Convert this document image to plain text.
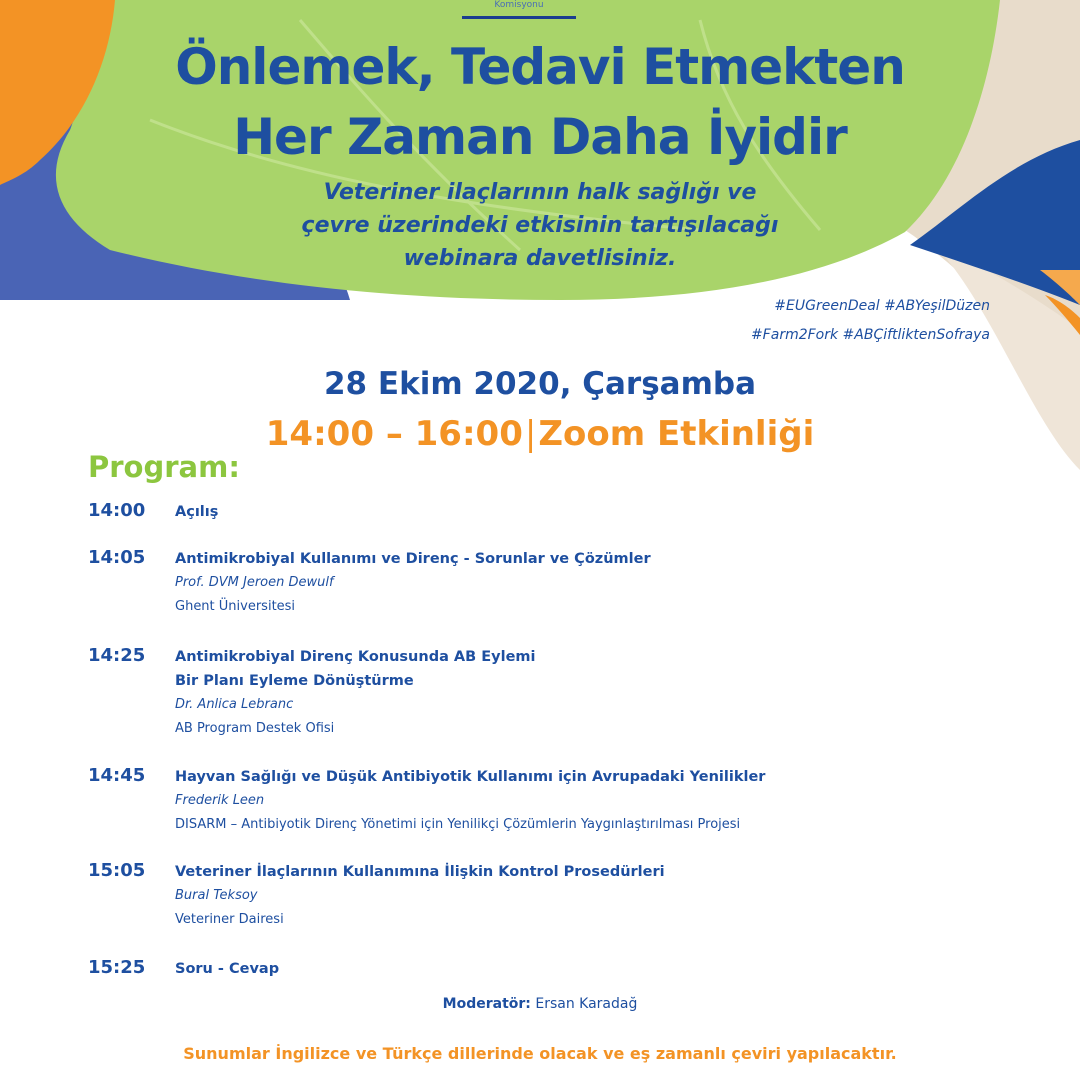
Komisyonu
Önlemek, Tedavi Etmekten
Her Zaman Daha İyidir
Veteriner ilaçlarının halk sağlığı ve
çevre üzerindeki etkisinin tartışılacağı
webinara davetlisiniz.
#EUGreenDeal #ABYeşilDüzen
#Farm2Fork #ABÇiftliktenSofraya
28 Ekim 2020, Çarşamba
14:00 – 16:00|Zoom Etkinliği
Program:
14:00	Açılış
14:05	Antimikrobiyal Kullanımı ve Direnç - Sorunlar ve Çözümler
Prof. DVM Jeroen Dewulf
Ghent Üniversitesi
14:25	Antimikrobiyal Direnç Konusunda AB Eylemi
Bir Planı Eyleme Dönüştürme
Dr. Anlica Lebranc
AB Program Destek Ofisi
14:45	Hayvan Sağlığı ve Düşük Antibiyotik Kullanımı için Avrupadaki Yenilikler
Frederik Leen
DISARM – Antibiyotik Direnç Yönetimi için Yenilikçi Çözümlerin Yaygınlaştırılması Projesi
15:05	Veteriner İlaçlarının Kullanımına İlişkin Kontrol Prosedürleri
Bural Teksoy
Veteriner Dairesi
15:25	Soru - Cevap
Moderatör: Ersan Karadağ
Sunumlar İngilizce ve Türkçe dillerinde olacak ve eş zamanlı çeviri yapılacaktır.
